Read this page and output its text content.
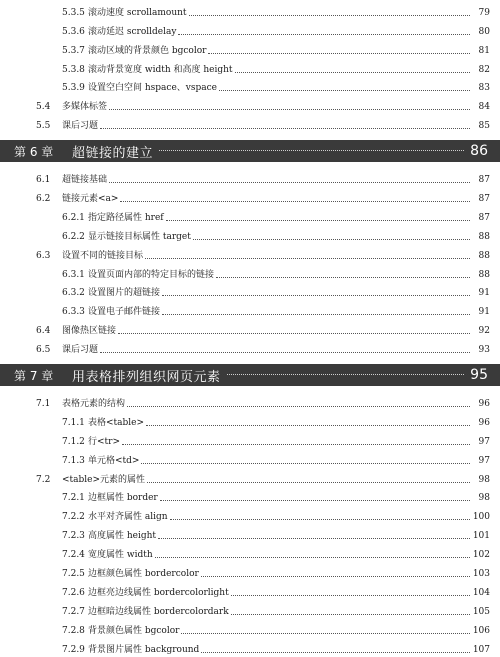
5.3.5 滚动速度 scrollamount	79
5.3.6 滚动延迟 scrolldelay	80
5.3.7 滚动区域的背景颜色 bgcolor	81
5.3.8 滚动背景宽度 width 和高度 height	82
5.3.9 设置空白空间 hspace、vspace	83
5.4	多媒体标签	84
5.5	课后习题	85
第 6 章	超链接的建立	86
6.1	超链接基础	87
6.2	链接元素<a>	87
6.2.1 指定路径属性 href	87
6.2.2 显示链接目标属性 target	88
6.3	设置不同的链接目标	88
6.3.1 设置页面内部的特定目标的链接	88
6.3.2 设置图片的超链接	91
6.3.3 设置电子邮件链接	91
6.4	图像热区链接	92
6.5	课后习题	93
第 7 章	用表格排列组织网页元素	95
7.1	表格元素的结构	96
7.1.1 表格<table>	96
7.1.2 行<tr>	97
7.1.3 单元格<td>	97
7.2	<table>元素的属性	98
7.2.1 边框属性 border	98
7.2.2 水平对齐属性 align	100
7.2.3 高度属性 height	101
7.2.4 宽度属性 width	102
7.2.5 边框颜色属性 bordercolor	103
7.2.6 边框亮边线属性 bordercolorlight	104
7.2.7 边框暗边线属性 bordercolordark	105
7.2.8 背景颜色属性 bgcolor	106
7.2.9 背景图片属性 background	107
